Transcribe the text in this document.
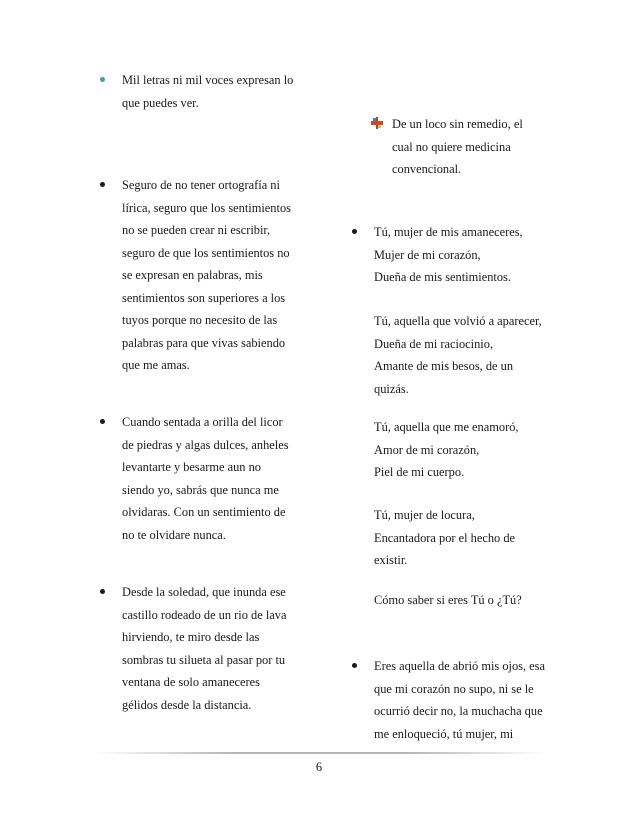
Mil letras ni mil voces expresan lo
que puedes ver.
Seguro de no tener ortografía ni
lírica, seguro que los sentimientos
no se pueden crear ni escribir,
seguro de que los sentimientos no
se expresan en palabras, mis
sentimientos son superiores a los
tuyos porque no necesito de las
palabras para que vivas sabiendo
que me amas.
Cuando sentada a orilla del licor
de piedras y algas dulces, anheles
levantarte y besarme aun no
siendo yo, sabrás que nunca me
olvidaras. Con un sentimiento de
no te olvidare nunca.
Desde la soledad, que inunda ese
castillo rodeado de un rio de lava
hirviendo, te miro desde las
sombras tu silueta al pasar por tu
ventana de solo amaneceres
gélidos desde la distancia.
De un loco sin remedio, el
cual no quiere medicina
convencional.
Tú, mujer de mis amaneceres,
Mujer de mi corazón,
Dueña de mis sentimientos.
Tú, aquella que volvió a aparecer,
Dueña de mi raciocinio,
Amante de mis besos, de un
quizás.
Tú, aquella que me enamoró,
Amor de mi corazón,
Piel de mi cuerpo.
Tú, mujer de locura,
Encantadora por el hecho de
existir.
Cómo saber si eres Tú o ¿Tú?
Eres aquella de abrió mis ojos, esa
que mi corazón no supo, ni se le
ocurrió decir no, la muchacha que
me enloqueció, tú mujer, mi
6
